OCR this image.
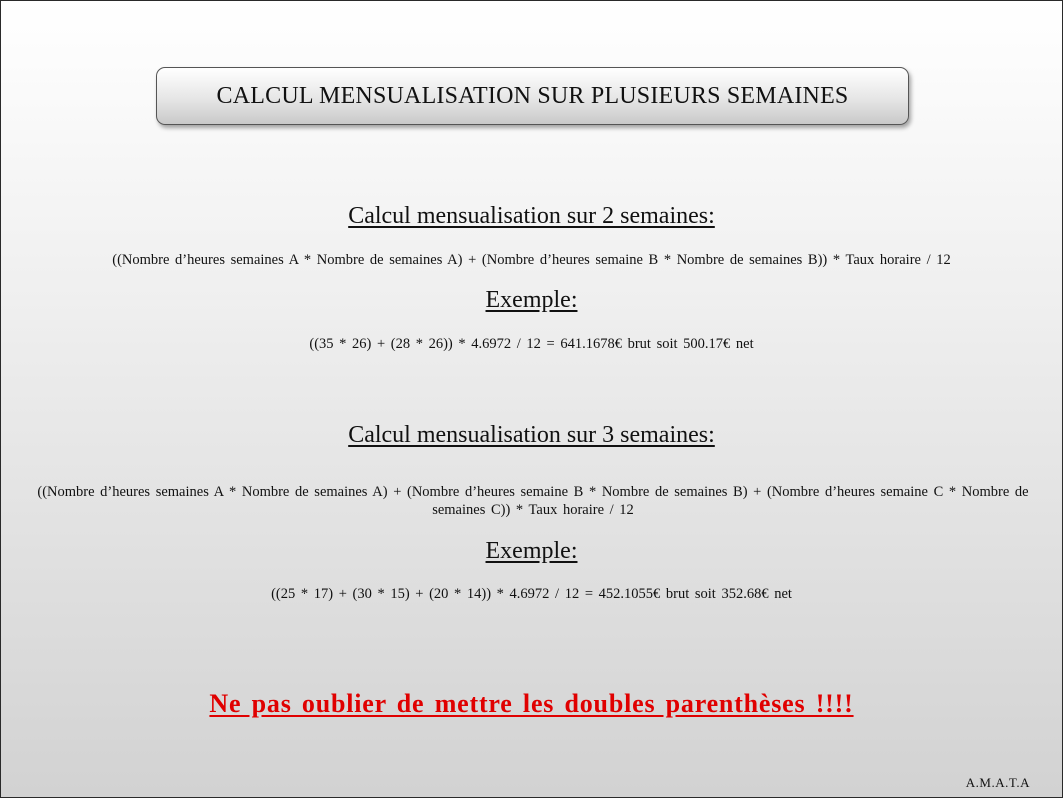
CALCUL MENSUALISATION SUR PLUSIEURS SEMAINES
Calcul mensualisation sur 2 semaines:
((Nombre d’heures semaines A * Nombre de semaines A) + (Nombre d’heures semaine B * Nombre de semaines B)) * Taux horaire / 12
Exemple:
((35 * 26) + (28 * 26)) * 4.6972 / 12 = 641.1678€ brut soit 500.17€ net
Calcul mensualisation sur 3 semaines:
((Nombre d’heures semaines A * Nombre de semaines A) + (Nombre d’heures semaine B * Nombre de semaines B) + (Nombre d’heures semaine C * Nombre de semaines C)) * Taux horaire / 12
Exemple:
((25 * 17) + (30 * 15) + (20 * 14)) * 4.6972 / 12 = 452.1055€ brut soit 352.68€ net
Ne pas oublier de mettre les doubles parenthèses !!!!
A.M.A.T.A
